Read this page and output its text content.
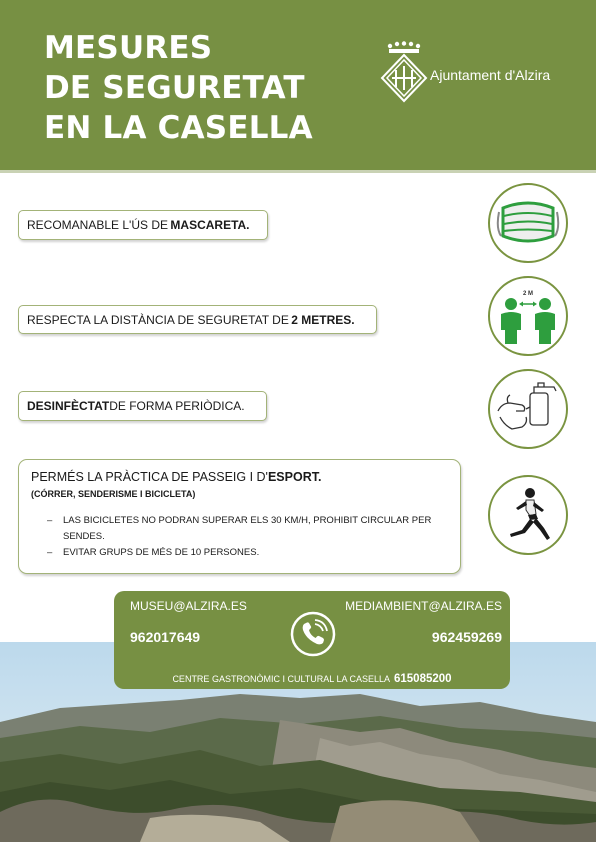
MESURES
DE SEGURETAT
EN LA CASELLA
Ajuntament d'Alzira
RECOMANABLE L'ÚS DE
  MASCARETA.
RESPECTA LA DISTÀNCIA DE SEGURETAT DE
  2 METRES.
DESINFÈCTAT DE FORMA PERIÒDICA.
PERMÉS LA PRÀCTICA DE PASSEIG I D'ESPORT.
(CÓRRER, SENDERISME I BICICLETA)
– LAS BICICLETES NO PODRAN SUPERAR ELS 30 KM/H, PROHIBIT CIRCULAR PER SENDES.
– EVITAR GRUPS DE MÉS DE 10 PERSONES.
2 M
MUSEU@ALZIRA.ES	MEDIAMBIENT@ALZIRA.ES
962017649	962459269
CENTRE GASTRONÒMIC I CULTURAL LA CASELLA 615085200
